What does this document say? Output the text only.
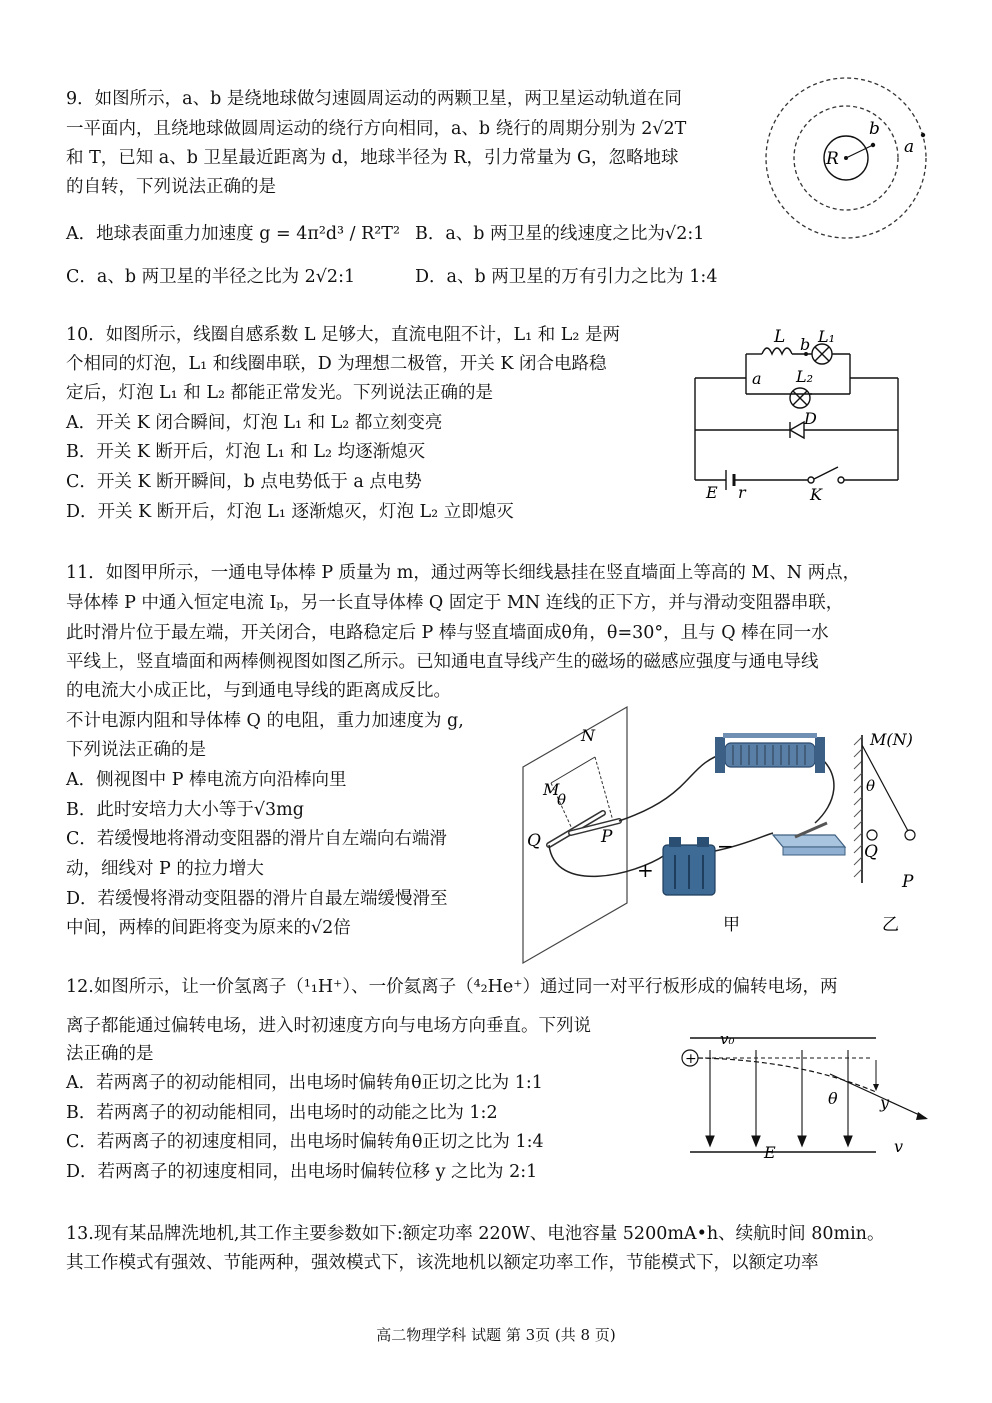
9．如图所示，a、b 是绕地球做匀速圆周运动的两颗卫星，两卫星运动轨道在同
一平面内，且绕地球做圆周运动的绕行方向相同，a、b 绕行的周期分别为 2√2T
和 T，已知 a、b 卫星最近距离为 d，地球半径为 R，引力常量为 G，忽略地球
的自转，下列说法正确的是
A．地球表面重力加速度 g = 4π²d³ / R²T² B．a、b 两卫星的线速度之比为√2:1
C．a、b 两卫星的半径之比为 2√2:1	D．a、b 两卫星的万有引力之比为 1:4
R
b
a
10．如图所示，线圈自感系数 L 足够大，直流电阻不计，L₁ 和 L₂ 是两
个相同的灯泡，L₁ 和线圈串联，D 为理想二极管，开关 K 闭合电路稳
定后，灯泡 L₁ 和 L₂ 都能正常发光。下列说法正确的是
A．开关 K 闭合瞬间，灯泡 L₁ 和 L₂ 都立刻变亮
B．开关 K 断开后，灯泡 L₁ 和 L₂ 均逐渐熄灭
C．开关 K 断开瞬间，b 点电势低于 a 点电势
D．开关 K 断开后，灯泡 L₁ 逐渐熄灭，灯泡 L₂ 立即熄灭
L L₁
L₂
a
b
D
E r	K
11．如图甲所示，一通电导体棒 P 质量为 m，通过两等长细线悬挂在竖直墙面上等高的 M、N 两点，
导体棒 P 中通入恒定电流 Iₚ，另一长直导体棒 Q 固定于 MN 连线的正下方，并与滑动变阻器串联，
此时滑片位于最左端，开关闭合，电路稳定后 P 棒与竖直墙面成θ角，θ=30°，且与 Q 棒在同一水
平线上，竖直墙面和两棒侧视图如图乙所示。已知通电直导线产生的磁场的磁感应强度与通电导线
的电流大小成正比，与到通电导线的距离成反比。
不计电源内阻和导体棒 Q 的电阻，重力加速度为 g,
下列说法正确的是
A．侧视图中 P 棒电流方向沿棒向里
B．此时安培力大小等于√3mg
C．若缓慢地将滑动变阻器的滑片自左端向右端滑
动，细线对 P 的拉力增大
D．若缓慢将滑动变阻器的滑片自最左端缓慢滑至
中间，两棒的间距将变为原来的√2倍
N
M
θ
Q	P
+
−
甲
M(N)
θ
Q
P
乙
12.如图所示，让一价氢离子（¹₁H⁺）、一价氦离子（⁴₂He⁺）通过同一对平行板形成的偏转电场，两
离子都能通过偏转电场，进入时初速度方向与电场方向垂直。下列说
法正确的是
A．若两离子的初动能相同，出电场时偏转角θ正切之比为 1:1
B．若两离子的初动能相同，出电场时的动能之比为 1:2
C．若两离子的初速度相同，出电场时偏转角θ正切之比为 1:4
D．若两离子的初速度相同，出电场时偏转位移 y 之比为 2:1
+
v₀
θ	y
E	v
13.现有某品牌洗地机,其工作主要参数如下:额定功率 220W、电池容量 5200mA•h、续航时间 80min。
其工作模式有强效、节能两种，强效模式下，该洗地机以额定功率工作，节能模式下，以额定功率
高二物理学科 试题 第 3页 (共 8 页)
